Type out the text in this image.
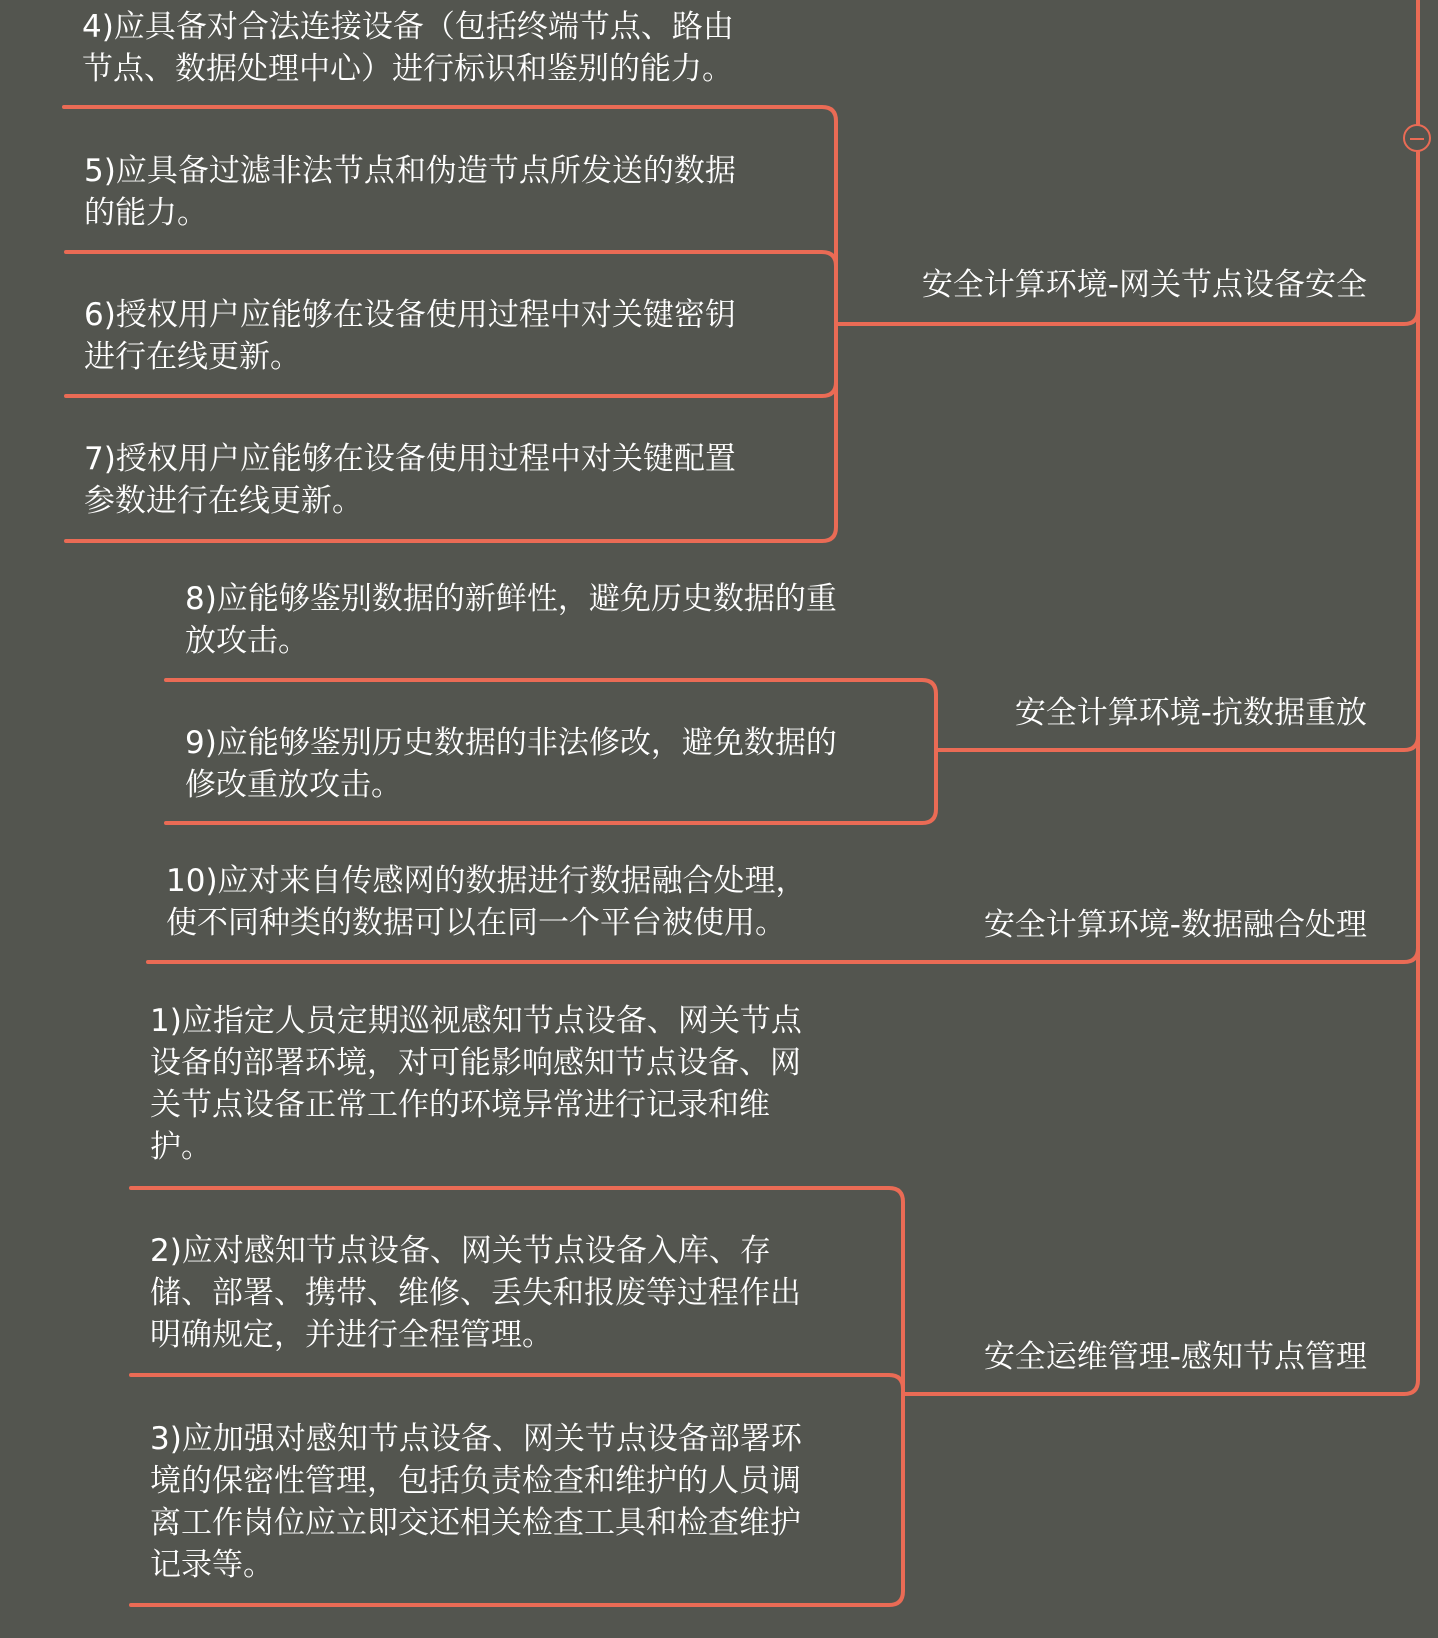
安全计算环境-网关节点设备安全
安全计算环境-抗数据重放
安全计算环境-数据融合处理
安全运维管理-感知节点管理
4)应具备对合法连接设备（包括终端节点、路由
节点、数据处理中心）进行标识和鉴别的能力。
5)应具备过滤非法节点和伪造节点所发送的数据
的能力。
6)授权用户应能够在设备使用过程中对关键密钥
进行在线更新。
7)授权用户应能够在设备使用过程中对关键配置
参数进行在线更新。
8)应能够鉴别数据的新鲜性，避免历史数据的重
放攻击。
9)应能够鉴别历史数据的非法修改，避免数据的
修改重放攻击。
10)应对来自传感网的数据进行数据融合处理，
使不同种类的数据可以在同一个平台被使用。
1)应指定人员定期巡视感知节点设备、网关节点
设备的部署环境，对可能影响感知节点设备、网
关节点设备正常工作的环境异常进行记录和维
护。
2)应对感知节点设备、网关节点设备入库、存
储、部署、携带、维修、丢失和报废等过程作出
明确规定，并进行全程管理。
3)应加强对感知节点设备、网关节点设备部署环
境的保密性管理，包括负责检查和维护的人员调
离工作岗位应立即交还相关检查工具和检查维护
记录等。
